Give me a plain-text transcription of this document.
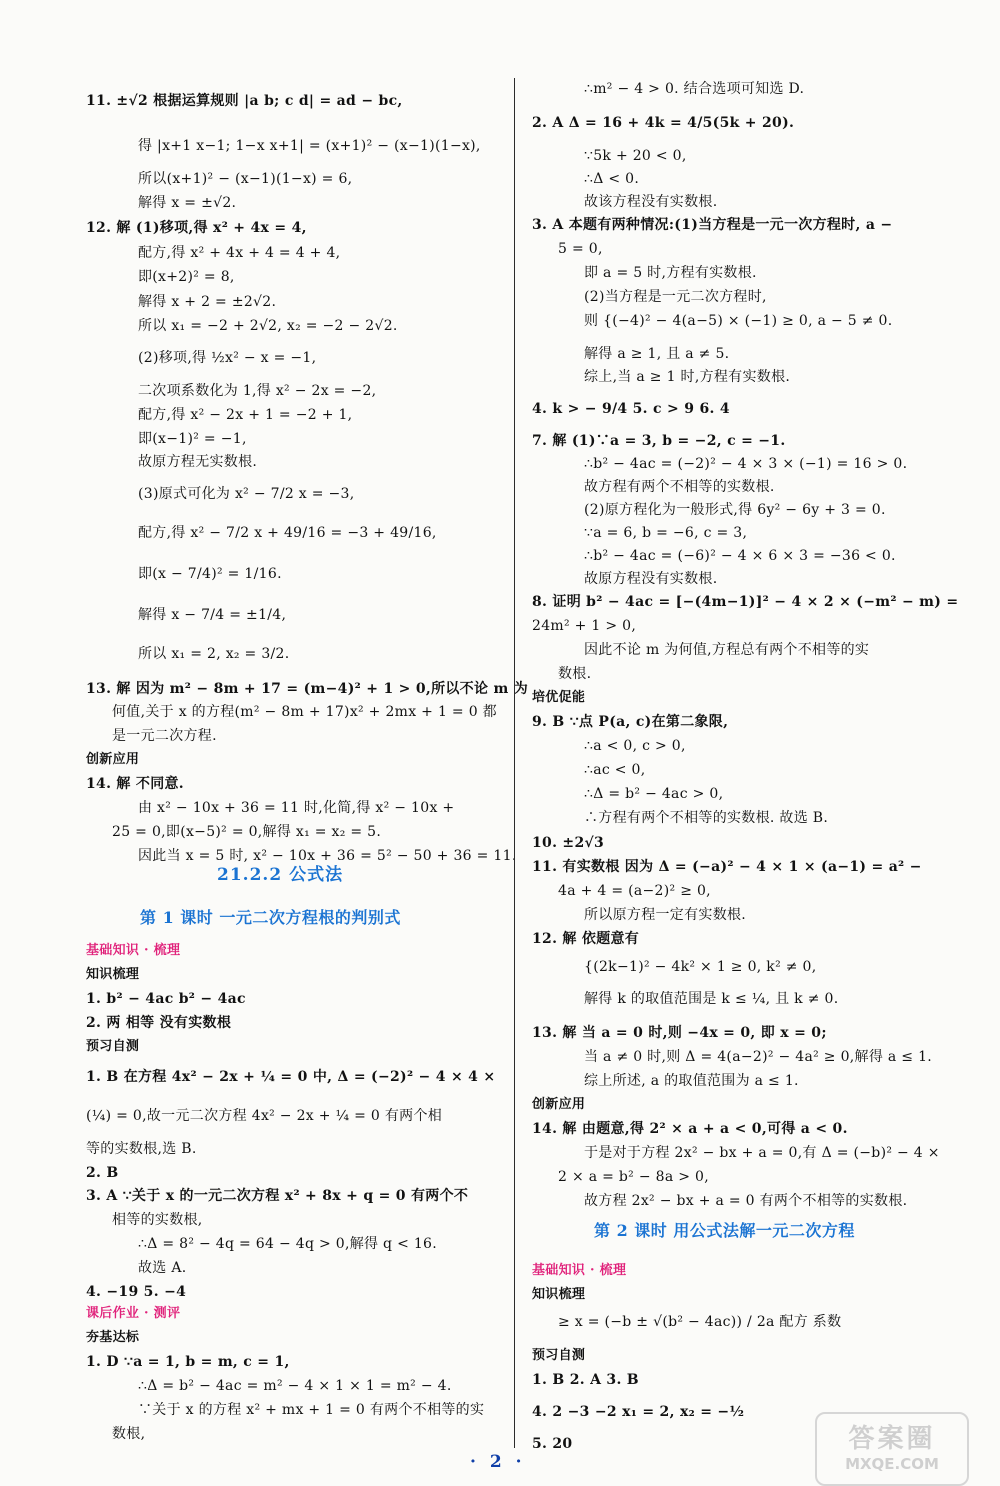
11. ±√2 根据运算规则 |a b; c d| = ad − bc,
得 |x+1 x−1; 1−x x+1| = (x+1)² − (x−1)(1−x),
所以(x+1)² − (x−1)(1−x) = 6,
解得 x = ±√2.
12. 解 (1)移项,得 x² + 4x = 4,
配方,得 x² + 4x + 4 = 4 + 4,
即(x+2)² = 8,
解得 x + 2 = ±2√2.
所以 x₁ = −2 + 2√2, x₂ = −2 − 2√2.
(2)移项,得 ½x² − x = −1,
二次项系数化为 1,得 x² − 2x = −2,
配方,得 x² − 2x + 1 = −2 + 1,
即(x−1)² = −1,
故原方程无实数根.
(3)原式可化为 x² − 7/2 x = −3,
配方,得 x² − 7/2 x + 49/16 = −3 + 49/16,
即(x − 7/4)² = 1/16.
解得 x − 7/4 = ±1/4,
所以 x₁ = 2, x₂ = 3/2.
13. 解 因为 m² − 8m + 17 = (m−4)² + 1 > 0,所以不论 m 为
何值,关于 x 的方程(m² − 8m + 17)x² + 2mx + 1 = 0 都
是一元二次方程.
创新应用
14. 解 不同意.
由 x² − 10x + 36 = 11 时,化简,得 x² − 10x +
25 = 0,即(x−5)² = 0,解得 x₁ = x₂ = 5.
因此当 x = 5 时, x² − 10x + 36 = 5² − 50 + 36 = 11.
基础知识 · 梳理
知识梳理
1. b² − 4ac b² − 4ac
2. 两 相等 没有实数根
预习自测
1. B 在方程 4x² − 2x + ¼ = 0 中, Δ = (−2)² − 4 × 4 ×
(¼) = 0,故一元二次方程 4x² − 2x + ¼ = 0 有两个相
等的实数根,选 B.
2. B
3. A ∵关于 x 的一元二次方程 x² + 8x + q = 0 有两个不
相等的实数根,
∴Δ = 8² − 4q = 64 − 4q > 0,解得 q < 16.
故选 A.
4. −19 5. −4
课后作业 · 测评
夯基达标
1. D ∵a = 1, b = m, c = 1,
∴Δ = b² − 4ac = m² − 4 × 1 × 1 = m² − 4.
∵关于 x 的方程 x² + mx + 1 = 0 有两个不相等的实
数根,
∴m² − 4 > 0. 结合选项可知选 D.
2. A Δ = 16 + 4k = 4/5(5k + 20).
∵5k + 20 < 0,
∴Δ < 0.
故该方程没有实数根.
3. A 本题有两种情况:(1)当方程是一元一次方程时, a −
5 = 0,
即 a = 5 时,方程有实数根.
(2)当方程是一元二次方程时,
则 {(−4)² − 4(a−5) × (−1) ≥ 0, a − 5 ≠ 0.
解得 a ≥ 1, 且 a ≠ 5.
综上,当 a ≥ 1 时,方程有实数根.
4. k > − 9/4 5. c > 9 6. 4
7. 解 (1)∵a = 3, b = −2, c = −1.
∴b² − 4ac = (−2)² − 4 × 3 × (−1) = 16 > 0.
故方程有两个不相等的实数根.
(2)原方程化为一般形式,得 6y² − 6y + 3 = 0.
∵a = 6, b = −6, c = 3,
∴b² − 4ac = (−6)² − 4 × 6 × 3 = −36 < 0.
故原方程没有实数根.
8. 证明 b² − 4ac = [−(4m−1)]² − 4 × 2 × (−m² − m) =
24m² + 1 > 0,
因此不论 m 为何值,方程总有两个不相等的实
数根.
培优促能
9. B ∵点 P(a, c)在第二象限,
∴a < 0, c > 0,
∴ac < 0,
∴Δ = b² − 4ac > 0,
∴方程有两个不相等的实数根. 故选 B.
10. ±2√3
11. 有实数根 因为 Δ = (−a)² − 4 × 1 × (a−1) = a² −
4a + 4 = (a−2)² ≥ 0,
所以原方程一定有实数根.
12. 解 依题意有
{(2k−1)² − 4k² × 1 ≥ 0, k² ≠ 0,
解得 k 的取值范围是 k ≤ ¼, 且 k ≠ 0.
13. 解 当 a = 0 时,则 −4x = 0, 即 x = 0;
当 a ≠ 0 时,则 Δ = 4(a−2)² − 4a² ≥ 0,解得 a ≤ 1.
综上所述, a 的取值范围为 a ≤ 1.
创新应用
14. 解 由题意,得 2² × a + a < 0,可得 a < 0.
于是对于方程 2x² − bx + a = 0,有 Δ = (−b)² − 4 ×
2 × a = b² − 8a > 0,
故方程 2x² − bx + a = 0 有两个不相等的实数根.
基础知识 · 梳理
知识梳理
≥ x = (−b ± √(b² − 4ac)) / 2a 配方 系数
预习自测
1. B 2. A 3. B
4. 2 −3 −2 x₁ = 2, x₂ = −½
5. 20
21.2.2 公式法
第 1 课时 一元二次方程根的判别式
第 2 课时 用公式法解一元二次方程
· 2 ·
答案圈
MXQE.COM
